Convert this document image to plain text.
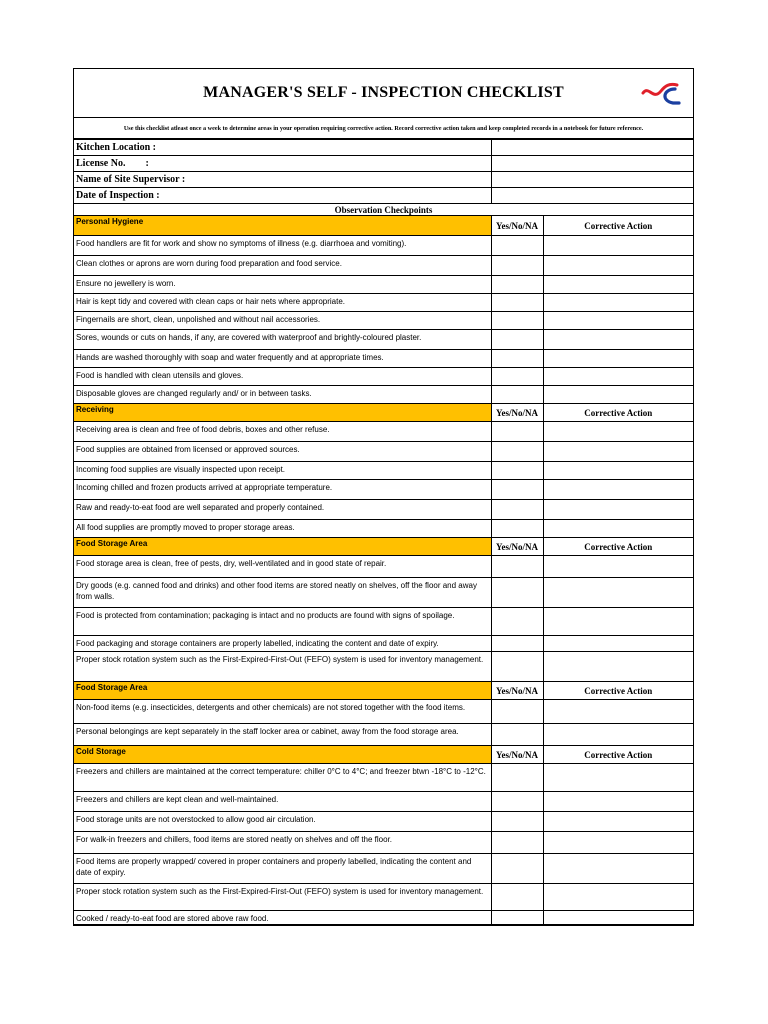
MANAGER'S SELF - INSPECTION CHECKLIST
Use this checklist atleast once a week to determine areas in your operation requiring corrective action. Record corrective action taken and keep completed records in a notebook for future reference.
Kitchen Location :		
License No.        :		
Name of Site Supervisor :		
Date of Inspection :		
Observation Checkpoints		
Personal Hygiene	Yes/No/NA	Corrective Action
Food handlers are fit for work and show no symptoms of illness (e.g. diarrhoea and vomiting).		
Clean clothes or aprons are worn during food preparation and food service.		
Ensure no jewellery is worn.		
Hair is kept tidy and covered with clean caps or hair nets where appropriate.		
Fingernails are short, clean, unpolished and without nail accessories.		
Sores, wounds or cuts on hands, if any, are covered with waterproof and brightly-coloured plaster.		
Hands are washed thoroughly with soap and water frequently and at appropriate times.		
Food is handled with clean utensils and gloves.		
Disposable gloves are changed regularly and/ or in between tasks.		
Receiving	Yes/No/NA	Corrective Action
Receiving area is clean and free of food debris, boxes and other refuse.		
Food supplies are obtained from licensed or approved sources.		
Incoming food supplies are visually inspected upon receipt.		
Incoming chilled and frozen products arrived at appropriate temperature.		
Raw and ready-to-eat food are well separated and properly contained.		
All food supplies are promptly moved to proper storage areas.		
Food Storage Area	Yes/No/NA	Corrective Action
Food storage area is clean, free of pests, dry, well-ventilated and in good state of repair.		
Dry goods (e.g. canned food and drinks) and other food items are stored neatly on shelves, off the floor and away from walls.		
Food is protected from contamination; packaging is intact and no products are found with signs of spoilage.		
Food packaging and storage containers are properly labelled, indicating the content and date of expiry.		
Proper stock rotation system such as the First-Expired-First-Out (FEFO) system is used for inventory management.		
Food Storage Area	Yes/No/NA	Corrective Action
Non-food items (e.g. insecticides, detergents and other chemicals) are not stored together with the food items.		
Personal belongings are kept separately in the staff locker area or cabinet, away from the food storage area.		
Cold Storage	Yes/No/NA	Corrective Action
Freezers and chillers are maintained at the correct temperature: chiller 0°C to 4°C; and freezer btwn -18°C to -12°C.		
Freezers and chillers are kept clean and well-maintained.		
Food storage units are not overstocked to allow good air circulation.		
For walk-in freezers and chillers, food items are stored neatly on shelves and off the floor.		
Food items are properly wrapped/ covered in proper containers and properly labelled, indicating the content and date of expiry.		
Proper stock rotation system such as the First-Expired-First-Out (FEFO) system is used for inventory management.		
Cooked / ready-to-eat food are stored above raw food.		
